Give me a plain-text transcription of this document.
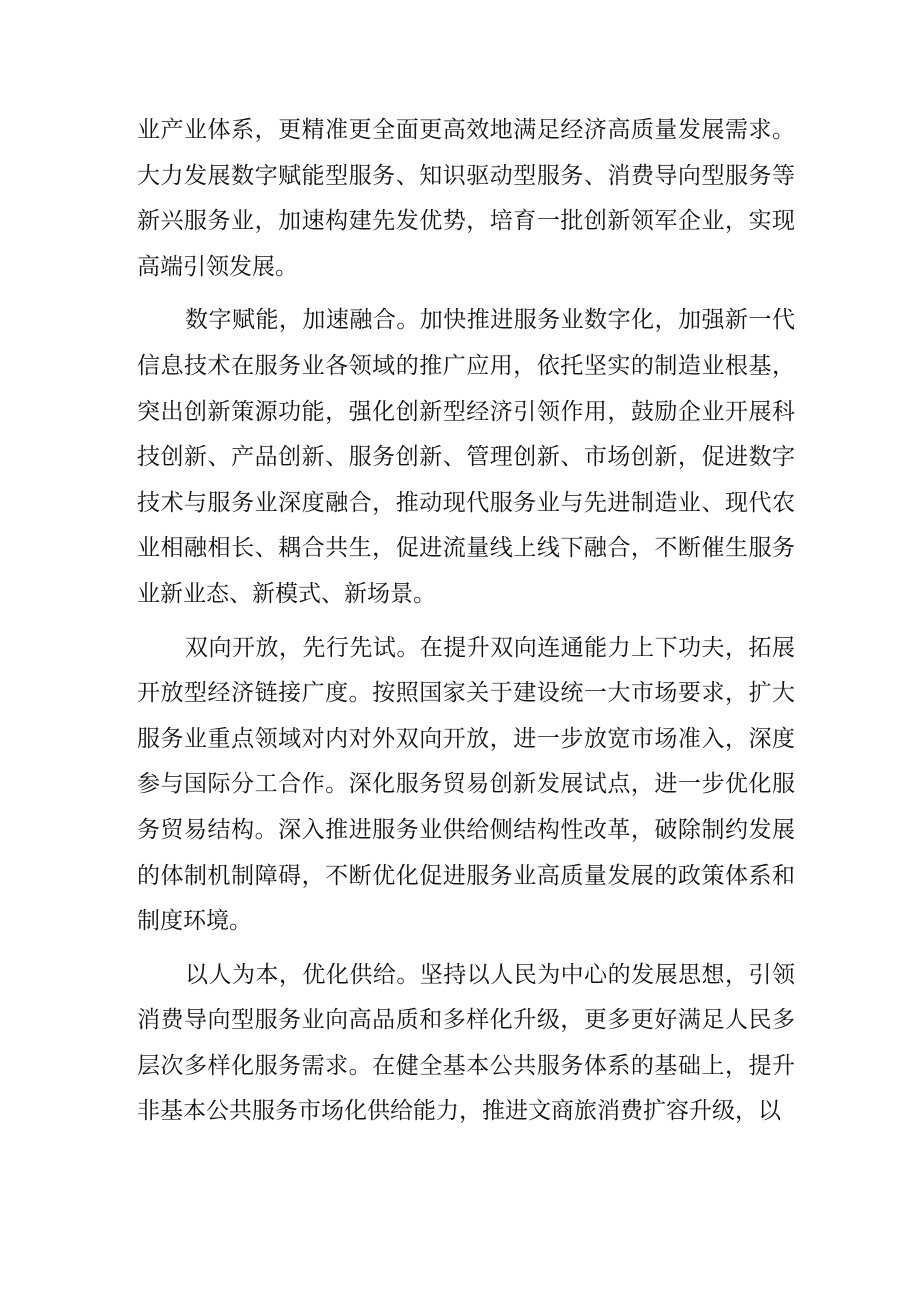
业产业体系，更精准更全面更高效地满足经济高质量发展需求。大力发展数字赋能型服务、知识驱动型服务、消费导向型服务等新兴服务业，加速构建先发优势，培育一批创新领军企业，实现高端引领发展。

数字赋能，加速融合。加快推进服务业数字化，加强新一代信息技术在服务业各领域的推广应用，依托坚实的制造业根基，突出创新策源功能，强化创新型经济引领作用，鼓励企业开展科技创新、产品创新、服务创新、管理创新、市场创新，促进数字技术与服务业深度融合，推动现代服务业与先进制造业、现代农业相融相长、耦合共生，促进流量线上线下融合，不断催生服务业新业态、新模式、新场景。

双向开放，先行先试。在提升双向连通能力上下功夫，拓展开放型经济链接广度。按照国家关于建设统一大市场要求，扩大服务业重点领域对内对外双向开放，进一步放宽市场准入，深度参与国际分工合作。深化服务贸易创新发展试点，进一步优化服务贸易结构。深入推进服务业供给侧结构性改革，破除制约发展的体制机制障碍，不断优化促进服务业高质量发展的政策体系和制度环境。

以人为本，优化供给。坚持以人民为中心的发展思想，引领消费导向型服务业向高品质和多样化升级，更多更好满足人民多层次多样化服务需求。在健全基本公共服务体系的基础上，提升非基本公共服务市场化供给能力，推进文商旅消费扩容升级，以
